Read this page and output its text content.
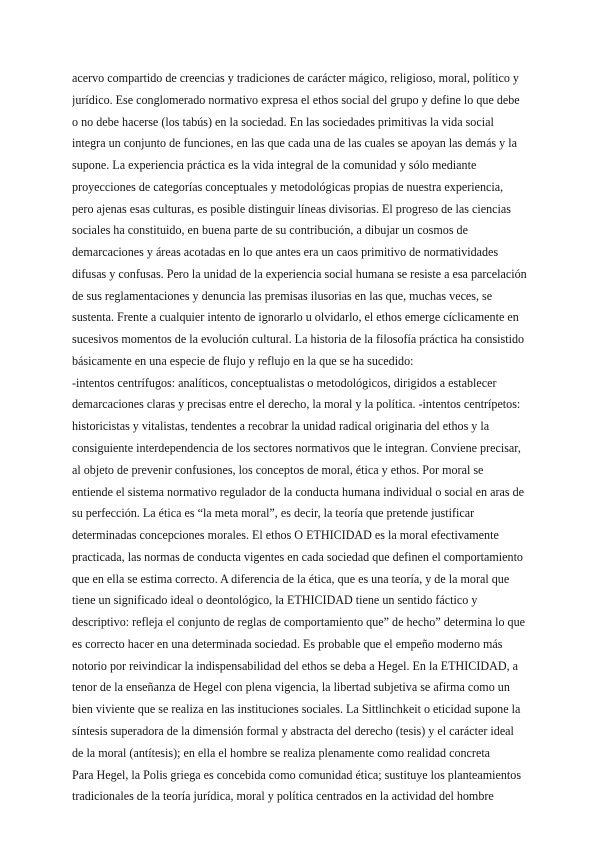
acervo compartido de creencias y tradiciones de carácter mágico, religioso, moral, político y
jurídico. Ese conglomerado normativo expresa el ethos social del grupo y define lo que debe
o no debe hacerse (los tabús) en la sociedad. En las sociedades primitivas la vida social
integra un conjunto de funciones, en las que cada una de las cuales se apoyan las demás y la
supone. La experiencia práctica es la vida integral de la comunidad y sólo mediante
proyecciones de categorías conceptuales y metodológicas propias de nuestra experiencia,
pero ajenas esas culturas, es posible distinguir líneas divisorias. El progreso de las ciencias
sociales ha constituido, en buena parte de su contribución, a dibujar un cosmos de
demarcaciones y áreas acotadas en lo que antes era un caos primitivo de normatividades
difusas y confusas. Pero la unidad de la experiencia social humana se resiste a esa parcelación
de sus reglamentaciones y denuncia las premisas ilusorias en las que, muchas veces, se
sustenta. Frente a cualquier intento de ignorarlo u olvidarlo, el ethos emerge cíclicamente en
sucesivos momentos de la evolución cultural. La historia de la filosofía práctica ha consistido
básicamente en una especie de flujo y reflujo en la que se ha sucedido:
-intentos centrífugos: analíticos, conceptualistas o metodológicos, dirigidos a establecer
demarcaciones claras y precisas entre el derecho, la moral y la política. -intentos centrípetos:
historicistas y vitalistas, tendentes a recobrar la unidad radical originaria del ethos y la
consiguiente interdependencia de los sectores normativos que le integran. Conviene precisar,
al objeto de prevenir confusiones, los conceptos de moral, ética y ethos. Por moral se
entiende el sistema normativo regulador de la conducta humana individual o social en aras de
su perfección. La ética es “la meta moral”, es decir, la teoría que pretende justificar
determinadas concepciones morales. El ethos O ETHICIDAD es la moral efectivamente
practicada, las normas de conducta vigentes en cada sociedad que definen el comportamiento
que en ella se estima correcto. A diferencia de la ética, que es una teoría, y de la moral que
tiene un significado ideal o deontológico, la ETHICIDAD tiene un sentido fáctico y
descriptivo: refleja el conjunto de reglas de comportamiento que” de hecho” determina lo que
es correcto hacer en una determinada sociedad. Es probable que el empeño moderno más
notorio por reivindicar la indispensabilidad del ethos se deba a Hegel. En la ETHICIDAD, a
tenor de la enseñanza de Hegel con plena vigencia, la libertad subjetiva se afirma como un
bien viviente que se realiza en las instituciones sociales. La Sittlinchkeit o eticidad supone la
síntesis superadora de la dimensión formal y abstracta del derecho (tesis) y el carácter ideal
de la moral (antítesis); en ella el hombre se realiza plenamente como realidad concreta
Para Hegel, la Polis griega es concebida como comunidad ética; sustituye los planteamientos
tradicionales de la teoría jurídica, moral y política centrados en la actividad del hombre
